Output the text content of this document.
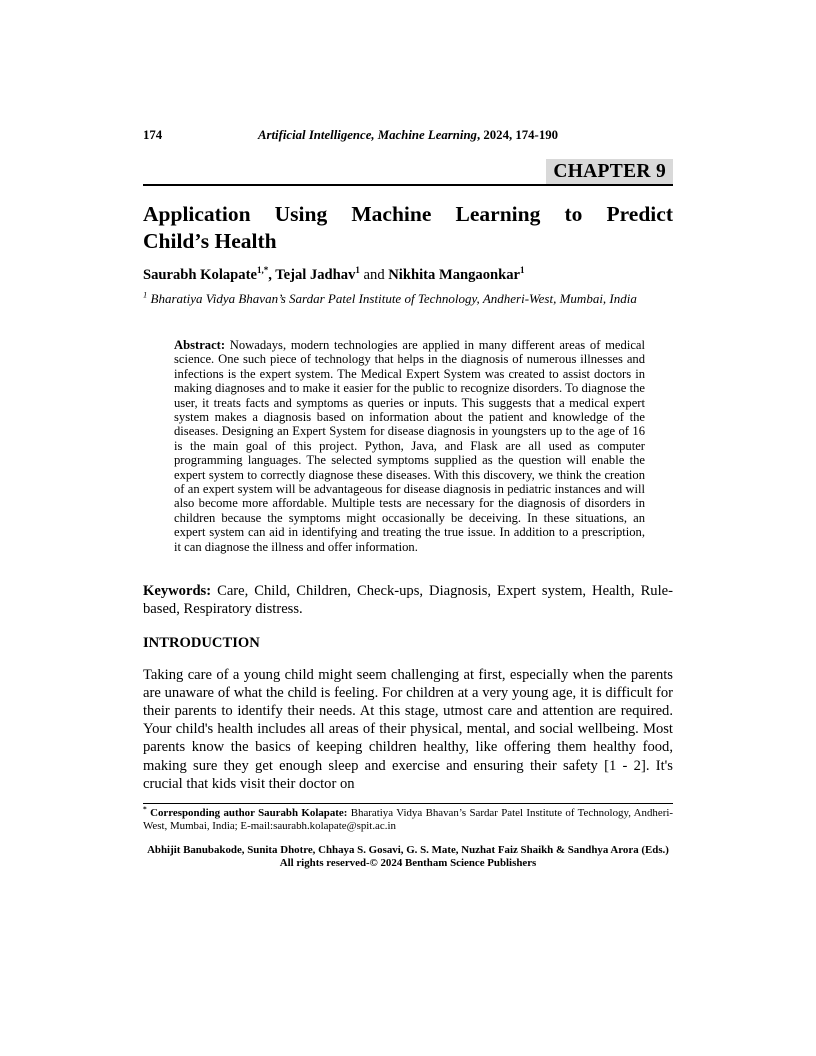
174	Artificial Intelligence, Machine Learning, 2024, 174-190
CHAPTER 9
Application Using Machine Learning to Predict
Child’s Health

Saurabh Kolapate$^{1,*}$, Tejal Jadhav$^1$ and Nikhita Mangaonkar$^1$

$^1$ Bharatiya Vidya Bhavan’s Sardar Patel Institute of Technology, Andheri-West, Mumbai, India

Abstract: Nowadays, modern technologies are applied in many different areas of medical science. One such piece of technology that helps in the diagnosis of numerous illnesses and infections is the expert system. The Medical Expert System was created to assist doctors in making diagnoses and to make it easier for the public to recognize disorders. To diagnose the user, it treats facts and symptoms as queries or inputs. This suggests that a medical expert system makes a diagnosis based on information about the patient and knowledge of the diseases. Designing an Expert System for disease diagnosis in youngsters up to the age of 16 is the main goal of this project. Python, Java, and Flask are all used as computer programming languages. The selected symptoms supplied as the question will enable the expert system to correctly diagnose these diseases. With this discovery, we think the creation of an expert system will be advantageous for disease diagnosis in pediatric instances and will also become more affordable. Multiple tests are necessary for the diagnosis of disorders in children because the symptoms might occasionally be deceiving. In these situations, an expert system can aid in identifying and treating the true issue. In addition to a prescription, it can diagnose the illness and offer information.

Keywords: Care, Child, Children, Check-ups, Diagnosis, Expert system, Health, Rule-based, Respiratory distress.

INTRODUCTION

Taking care of a young child might seem challenging at first, especially when the parents are unaware of what the child is feeling. For children at a very young age, it is difficult for their parents to identify their needs. At this stage, utmost care and attention are required. Your child's health includes all areas of their physical, mental, and social wellbeing. Most parents know the basics of keeping children healthy, like offering them healthy food, making sure they get enough sleep and exercise and ensuring their safety [1 - 2]. It's crucial that kids visit their doctor on

* Corresponding author Saurabh Kolapate: Bharatiya Vidya Bhavan’s Sardar Patel Institute of Technology, Andheri-West, Mumbai, India; E-mail:saurabh.kolapate@spit.ac.in

Abhijit Banubakode, Sunita Dhotre, Chhaya S. Gosavi, G. S. Mate, Nuzhat Faiz Shaikh & Sandhya Arora (Eds.)
All rights reserved-© 2024 Bentham Science Publishers
